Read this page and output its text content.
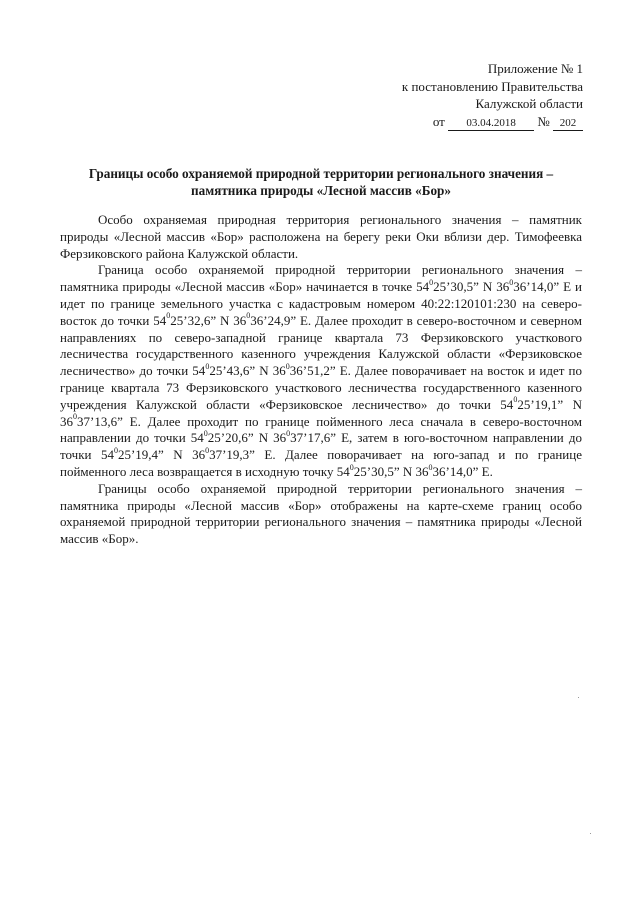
Приложение № 1
к постановлению Правительства
Калужской области
от 03.04.2018 № 202
Границы особо охраняемой природной территории регионального значения –
памятника природы «Лесной массив «Бор»

Особо охраняемая природная территория регионального значения – памятник природы «Лесной массив «Бор» расположена на берегу реки Оки вблизи дер. Тимофеевка Ферзиковского района Калужской области.

Граница особо охраняемой природной территории регионального значения – памятника природы «Лесной массив «Бор» начинается в точке $54^025’30,5$” N $36^036’14,0$” E и идет по границе земельного участка с кадастровым номером 40:22:120101:230 на северо-восток до точки $54^025’32,6$” N $36^036’24,9$” E. Далее проходит в северо-восточном и северном направлениях по северо-западной границе квартала 73 Ферзиковского участкового лесничества государственного казенного учреждения Калужской области «Ферзиковское лесничество» до точки $54^025’43,6$” N $36^036’51,2$” E. Далее поворачивает на восток и идет по границе квартала 73 Ферзиковского участкового лесничества государственного казенного учреждения Калужской области «Ферзиковское лесничество» до точки $54^025’19,1$” N $36^037’13,6$” E. Далее проходит по границе пойменного леса сначала в северо-восточном направлении до точки $54^025’20,6$” N $36^037’17,6$” E, затем в юго-восточном направлении до точки $54^025’19,4$” N $36^037’19,3$” E. Далее поворачивает на юго-запад и по границе пойменного леса возвращается в исходную точку $54^025’30,5$” N $36^036’14,0$” E.

Границы особо охраняемой природной территории регионального значения – памятника природы «Лесной массив «Бор» отображены на карте-схеме границ особо охраняемой природной территории регионального значения – памятника природы «Лесной массив «Бор».
